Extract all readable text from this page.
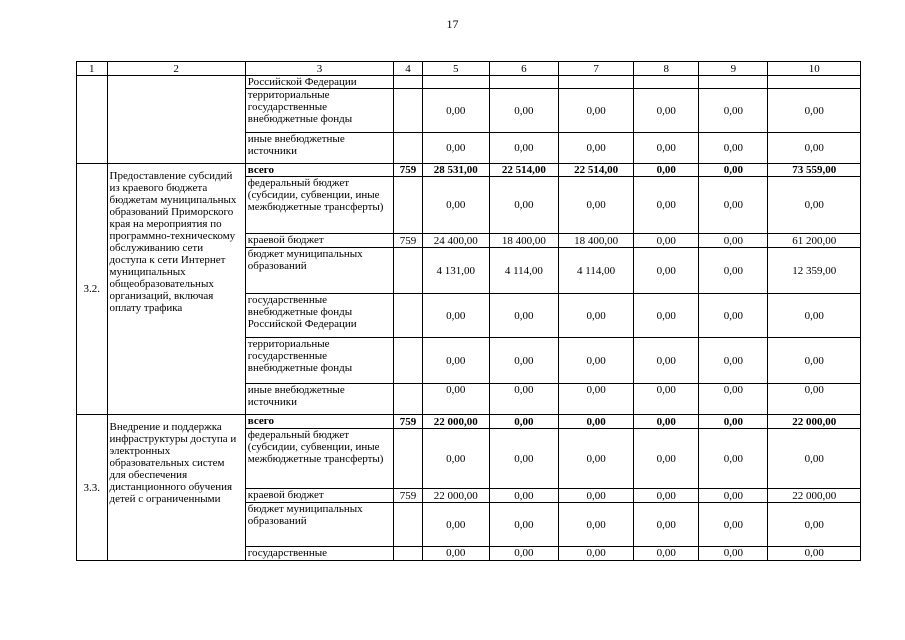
17
1	2	3	4	5	6	7	8	9	10
		Российской Федерации							
		территориальные государственные внебюджетные фонды		0,00	0,00	0,00	0,00	0,00	0,00
		иные внебюджетные источники		0,00	0,00	0,00	0,00	0,00	0,00
3.2.	Предоставление субсидий из краевого бюджета бюджетам муниципальных образований Приморского края на мероприятия по программно-техническому обслуживанию сети доступа к сети Интернет муниципальных общеобразовательных организаций, включая оплату трафика	всего	759	28 531,00	22 514,00	22 514,00	0,00	0,00	73 559,00
		федеральный бюджет (субсидии, субвенции, иные межбюджетные трансферты)		0,00	0,00	0,00	0,00	0,00	0,00
		краевой бюджет	759	24 400,00	18 400,00	18 400,00	0,00	0,00	61 200,00
		бюджет муниципальных образований		4 131,00	4 114,00	4 114,00	0,00	0,00	12 359,00
		государственные внебюджетные фонды Российской Федерации		0,00	0,00	0,00	0,00	0,00	0,00
		территориальные государственные внебюджетные фонды		0,00	0,00	0,00	0,00	0,00	0,00
		иные внебюджетные источники		0,00	0,00	0,00	0,00	0,00	0,00
3.3.	Внедрение и поддержка инфраструктуры доступа и электронных образовательных систем для обеспечения дистанционного обучения детей с ограниченными	всего	759	22 000,00	0,00	0,00	0,00	0,00	22 000,00
		федеральный бюджет (субсидии, субвенции, иные межбюджетные трансферты)		0,00	0,00	0,00	0,00	0,00	0,00
		краевой бюджет	759	22 000,00	0,00	0,00	0,00	0,00	22 000,00
		бюджет муниципальных образований		0,00	0,00	0,00	0,00	0,00	0,00
		государственные		0,00	0,00	0,00	0,00	0,00	0,00
